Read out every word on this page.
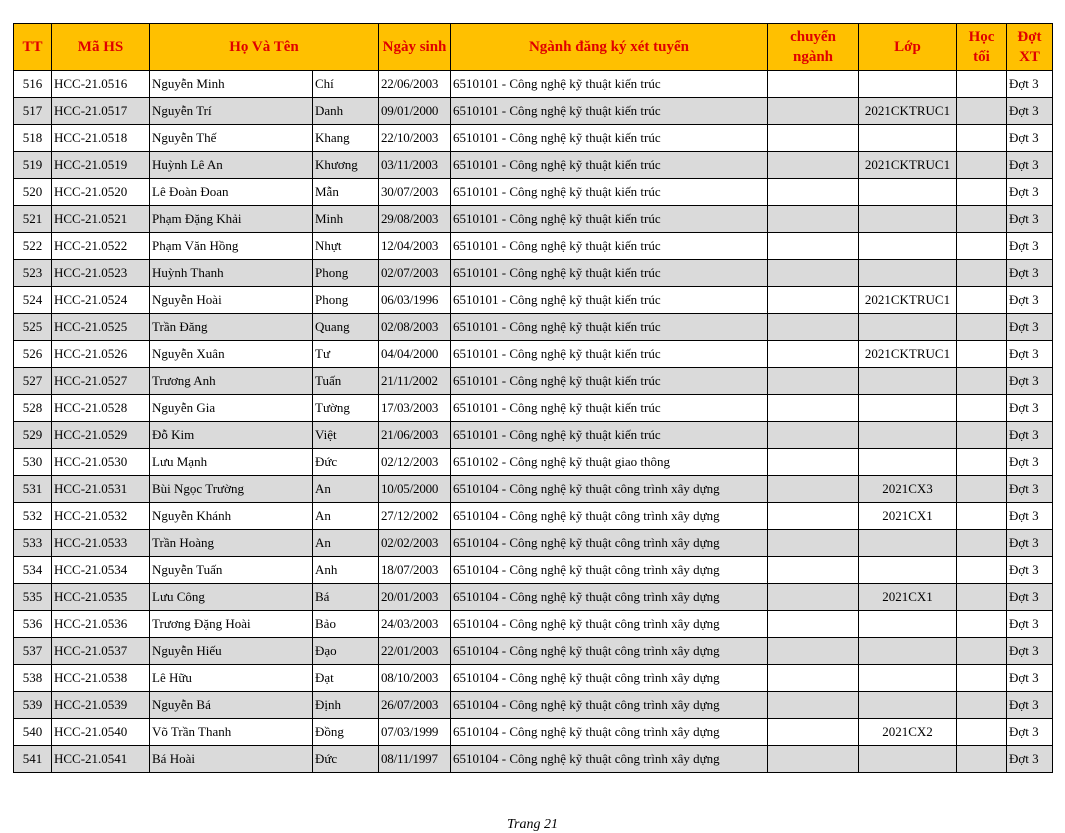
TT	Mã HS	Họ Và Tên		Ngày sinh	Ngành đăng ký xét tuyển	chuyển ngành	Lớp	Học tối	Đợt XT
516	HCC-21.0516	Nguyễn Minh	Chí	22/06/2003	6510101 - Công nghệ kỹ thuật kiến trúc				Đợt 3
517	HCC-21.0517	Nguyễn Trí	Danh	09/01/2000	6510101 - Công nghệ kỹ thuật kiến trúc		2021CKTRUC1		Đợt 3
518	HCC-21.0518	Nguyễn Thế	Khang	22/10/2003	6510101 - Công nghệ kỹ thuật kiến trúc				Đợt 3
519	HCC-21.0519	Huỳnh Lê An	Khương	03/11/2003	6510101 - Công nghệ kỹ thuật kiến trúc		2021CKTRUC1		Đợt 3
520	HCC-21.0520	Lê Đoàn Đoan	Mẫn	30/07/2003	6510101 - Công nghệ kỹ thuật kiến trúc				Đợt 3
521	HCC-21.0521	Phạm Đặng Khải	Minh	29/08/2003	6510101 - Công nghệ kỹ thuật kiến trúc				Đợt 3
522	HCC-21.0522	Phạm Văn Hồng	Nhựt	12/04/2003	6510101 - Công nghệ kỹ thuật kiến trúc				Đợt 3
523	HCC-21.0523	Huỳnh Thanh	Phong	02/07/2003	6510101 - Công nghệ kỹ thuật kiến trúc				Đợt 3
524	HCC-21.0524	Nguyễn Hoài	Phong	06/03/1996	6510101 - Công nghệ kỹ thuật kiến trúc		2021CKTRUC1		Đợt 3
525	HCC-21.0525	Trần Đăng	Quang	02/08/2003	6510101 - Công nghệ kỹ thuật kiến trúc				Đợt 3
526	HCC-21.0526	Nguyễn Xuân	Tư	04/04/2000	6510101 - Công nghệ kỹ thuật kiến trúc		2021CKTRUC1		Đợt 3
527	HCC-21.0527	Trương Anh	Tuấn	21/11/2002	6510101 - Công nghệ kỹ thuật kiến trúc				Đợt 3
528	HCC-21.0528	Nguyễn Gia	Tường	17/03/2003	6510101 - Công nghệ kỹ thuật kiến trúc				Đợt 3
529	HCC-21.0529	Đỗ Kim	Việt	21/06/2003	6510101 - Công nghệ kỹ thuật kiến trúc				Đợt 3
530	HCC-21.0530	Lưu Mạnh	Đức	02/12/2003	6510102 - Công nghệ kỹ thuật giao thông				Đợt 3
531	HCC-21.0531	Bùi Ngọc Trường	An	10/05/2000	6510104 - Công nghệ kỹ thuật công trình xây dựng		2021CX3		Đợt 3
532	HCC-21.0532	Nguyễn Khánh	An	27/12/2002	6510104 - Công nghệ kỹ thuật công trình xây dựng		2021CX1		Đợt 3
533	HCC-21.0533	Trần Hoàng	An	02/02/2003	6510104 - Công nghệ kỹ thuật công trình xây dựng				Đợt 3
534	HCC-21.0534	Nguyễn Tuấn	Anh	18/07/2003	6510104 - Công nghệ kỹ thuật công trình xây dựng				Đợt 3
535	HCC-21.0535	Lưu Công	Bá	20/01/2003	6510104 - Công nghệ kỹ thuật công trình xây dựng		2021CX1		Đợt 3
536	HCC-21.0536	Trương Đặng Hoài	Bảo	24/03/2003	6510104 - Công nghệ kỹ thuật công trình xây dựng				Đợt 3
537	HCC-21.0537	Nguyễn Hiếu	Đạo	22/01/2003	6510104 - Công nghệ kỹ thuật công trình xây dựng				Đợt 3
538	HCC-21.0538	Lê Hữu	Đạt	08/10/2003	6510104 - Công nghệ kỹ thuật công trình xây dựng				Đợt 3
539	HCC-21.0539	Nguyễn Bá	Định	26/07/2003	6510104 - Công nghệ kỹ thuật công trình xây dựng				Đợt 3
540	HCC-21.0540	Võ Trần Thanh	Đồng	07/03/1999	6510104 - Công nghệ kỹ thuật công trình xây dựng		2021CX2		Đợt 3
541	HCC-21.0541	Bá Hoài	Đức	08/11/1997	6510104 - Công nghệ kỹ thuật công trình xây dựng				Đợt 3
Trang 21
